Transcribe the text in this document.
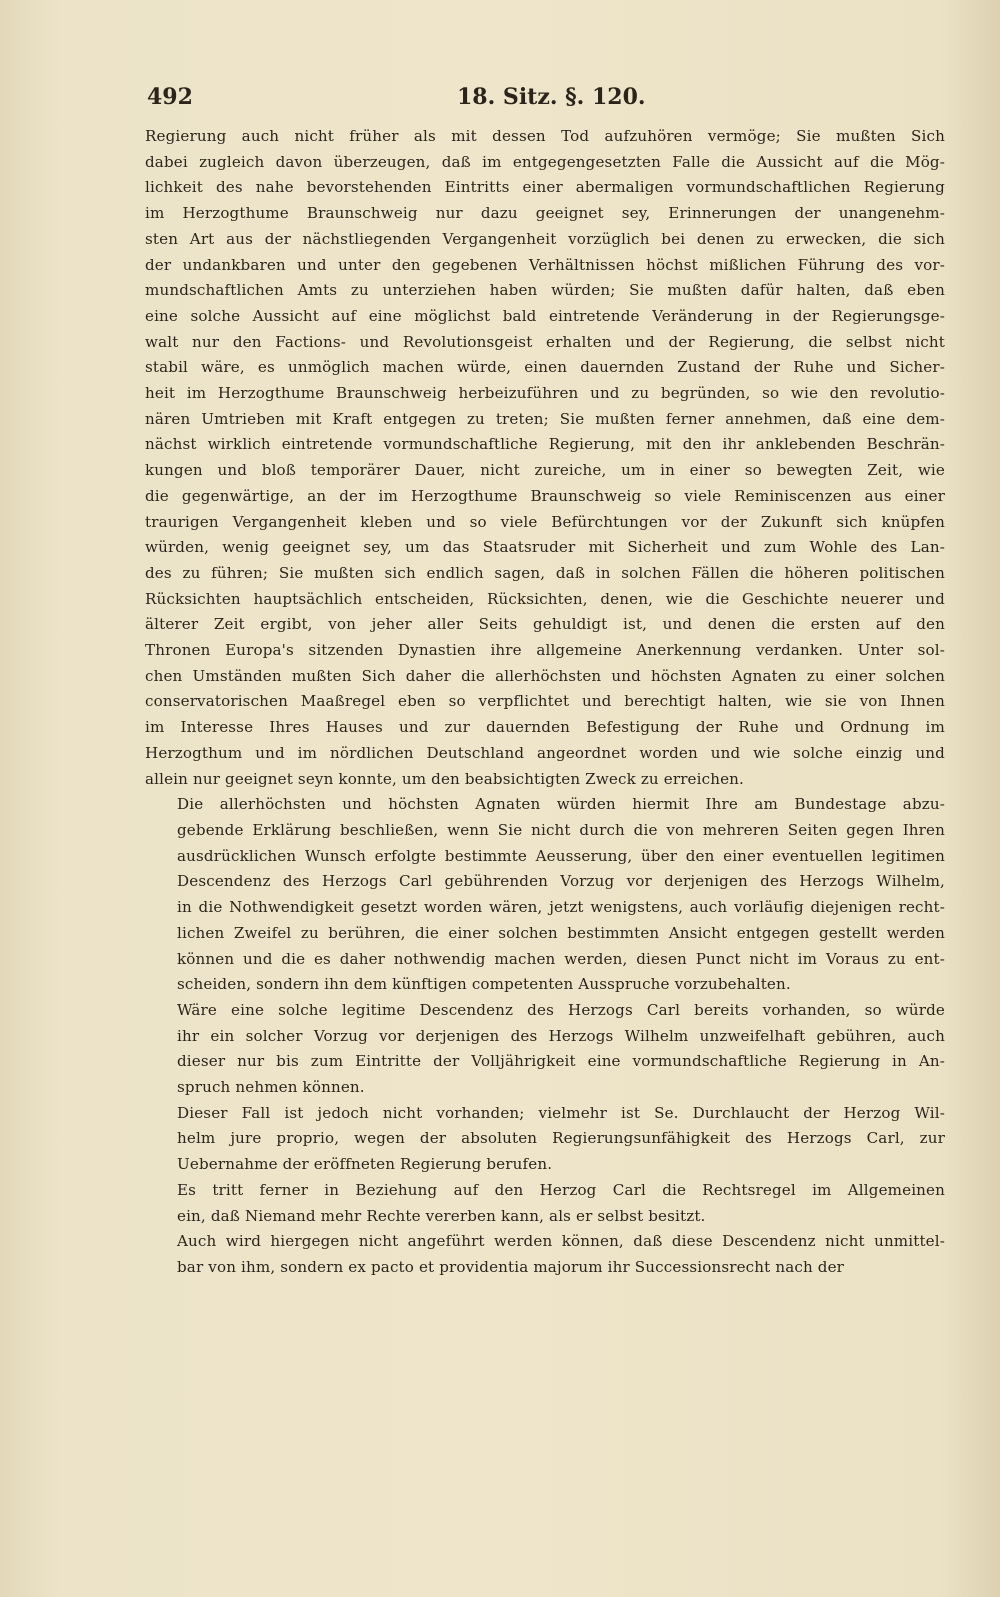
492	18. Sitz. §. 120.

Regierung auch nicht früher als mit dessen Tod aufzuhören vermöge; Sie mußten Sich
dabei zugleich davon überzeugen, daß im entgegengesetzten Falle die Aussicht auf die Mög-
lichkeit des nahe bevorstehenden Eintritts einer abermaligen vormundschaftlichen Regierung
im Herzogthume Braunschweig nur dazu geeignet sey, Erinnerungen der unangenehm-
sten Art aus der nächstliegenden Vergangenheit vorzüglich bei denen zu erwecken, die sich
der undankbaren und unter den gegebenen Verhältnissen höchst mißlichen Führung des vor-
mundschaftlichen Amts zu unterziehen haben würden; Sie mußten dafür halten, daß eben
eine solche Aussicht auf eine möglichst bald eintretende Veränderung in der Regierungsge-
walt nur den Factions- und Revolutionsgeist erhalten und der Regierung, die selbst nicht
stabil wäre, es unmöglich machen würde, einen dauernden Zustand der Ruhe und Sicher-
heit im Herzogthume Braunschweig herbeizuführen und zu begründen, so wie den revolutio-
nären Umtrieben mit Kraft entgegen zu treten; Sie mußten ferner annehmen, daß eine dem-
nächst wirklich eintretende vormundschaftliche Regierung, mit den ihr anklebenden Beschrän-
kungen und bloß temporärer Dauer, nicht zureiche, um in einer so bewegten Zeit, wie
die gegenwärtige, an der im Herzogthume Braunschweig so viele Reminiscenzen aus einer
traurigen Vergangenheit kleben und so viele Befürchtungen vor der Zukunft sich knüpfen
würden, wenig geeignet sey, um das Staatsruder mit Sicherheit und zum Wohle des Lan-
des zu führen; Sie mußten sich endlich sagen, daß in solchen Fällen die höheren politischen
Rücksichten hauptsächlich entscheiden, Rücksichten, denen, wie die Geschichte neuerer und
älterer Zeit ergibt, von jeher aller Seits gehuldigt ist, und denen die ersten auf den
Thronen Europa's sitzenden Dynastien ihre allgemeine Anerkennung verdanken. Unter sol-
chen Umständen mußten Sich daher die allerhöchsten und höchsten Agnaten zu einer solchen
conservatorischen Maaßregel eben so verpflichtet und berechtigt halten, wie sie von Ihnen
im Interesse Ihres Hauses und zur dauernden Befestigung der Ruhe und Ordnung im
Herzogthum und im nördlichen Deutschland angeordnet worden und wie solche einzig und
allein nur geeignet seyn konnte, um den beabsichtigten Zweck zu erreichen.

Die allerhöchsten und höchsten Agnaten würden hiermit Ihre am Bundestage abzu-
gebende Erklärung beschließen, wenn Sie nicht durch die von mehreren Seiten gegen Ihren
ausdrücklichen Wunsch erfolgte bestimmte Aeusserung, über den einer eventuellen legitimen
Descendenz des Herzogs Carl gebührenden Vorzug vor derjenigen des Herzogs Wilhelm,
in die Nothwendigkeit gesetzt worden wären, jetzt wenigstens, auch vorläufig diejenigen recht-
lichen Zweifel zu berühren, die einer solchen bestimmten Ansicht entgegen gestellt werden
können und die es daher nothwendig machen werden, diesen Punct nicht im Voraus zu ent-
scheiden, sondern ihn dem künftigen competenten Ausspruche vorzubehalten.

Wäre eine solche legitime Descendenz des Herzogs Carl bereits vorhanden, so würde
ihr ein solcher Vorzug vor derjenigen des Herzogs Wilhelm unzweifelhaft gebühren, auch
dieser nur bis zum Eintritte der Volljährigkeit eine vormundschaftliche Regierung in An-
spruch nehmen können.

Dieser Fall ist jedoch nicht vorhanden; vielmehr ist Se. Durchlaucht der Herzog Wil-
helm jure proprio, wegen der absoluten Regierungsunfähigkeit des Herzogs Carl, zur
Uebernahme der eröffneten Regierung berufen.

Es tritt ferner in Beziehung auf den Herzog Carl die Rechtsregel im Allgemeinen
ein, daß Niemand mehr Rechte vererben kann, als er selbst besitzt.

Auch wird hiergegen nicht angeführt werden können, daß diese Descendenz nicht unmittel-
bar von ihm, sondern ex pacto et providentia majorum ihr Successionsrecht nach der
